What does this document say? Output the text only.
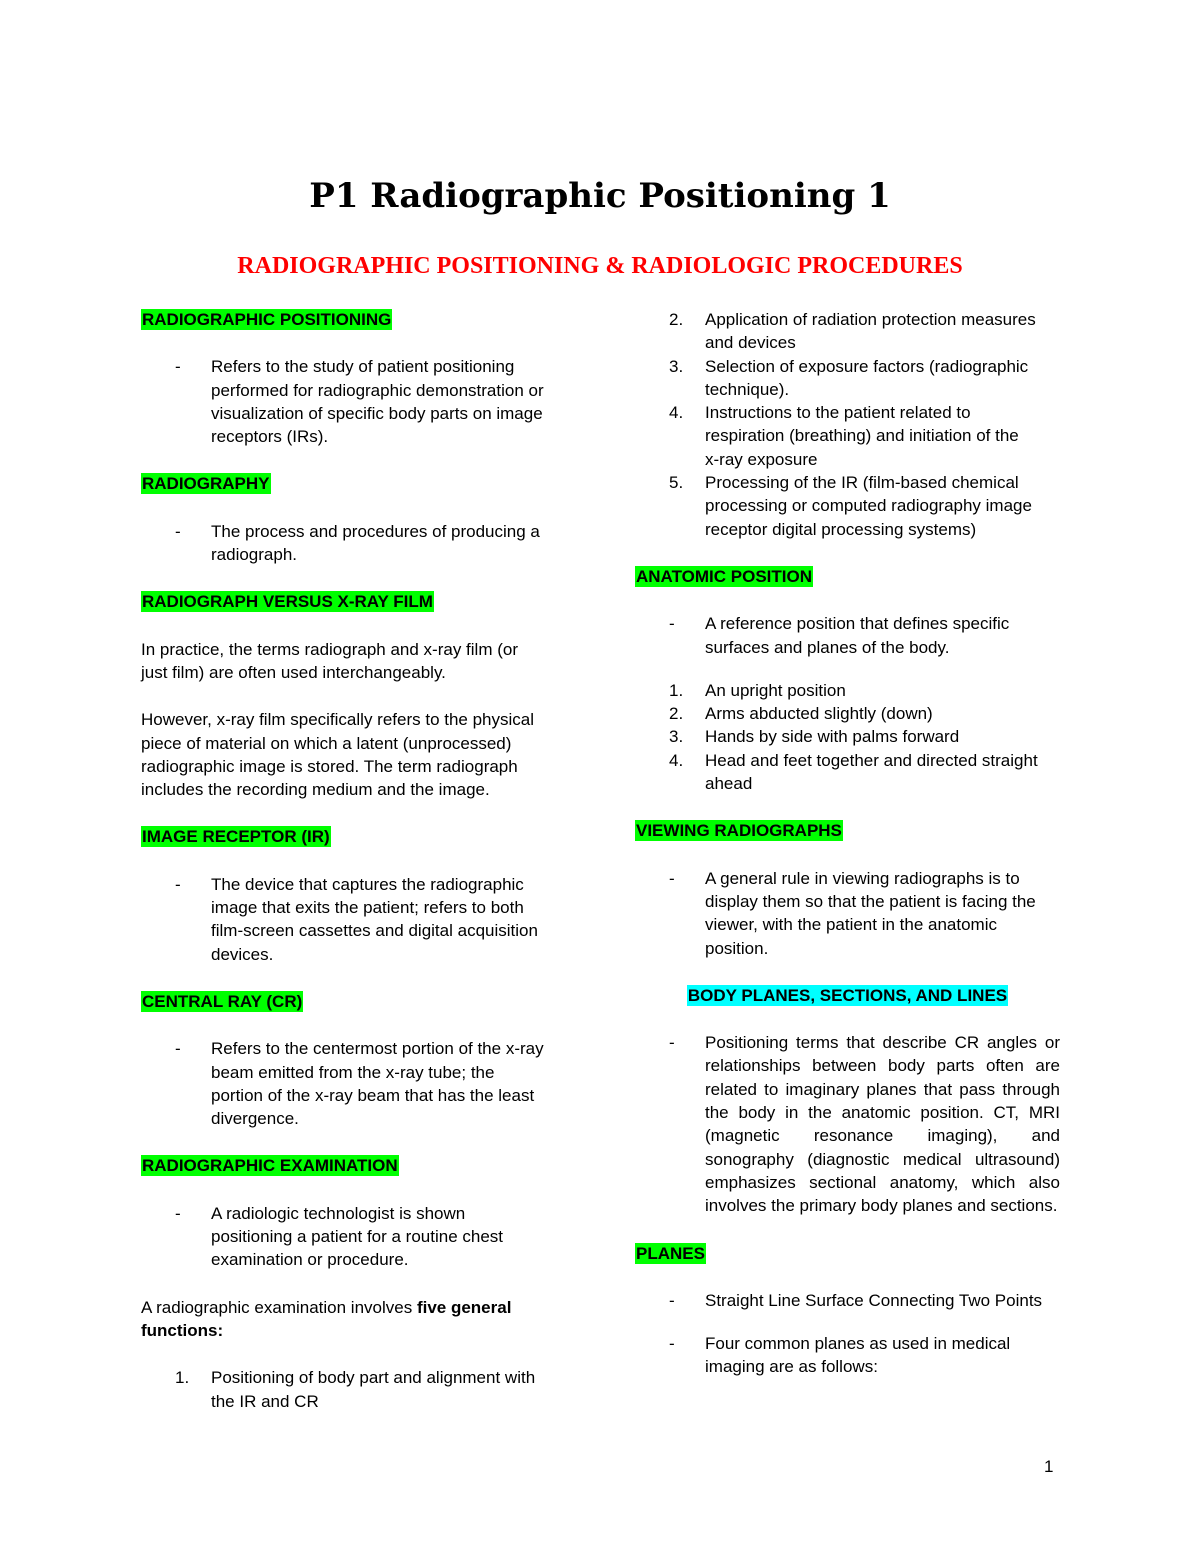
P1 Radiographic Positioning 1
RADIOGRAPHIC POSITIONING & RADIOLOGIC PROCEDURES

RADIOGRAPHIC POSITIONING

- Refers to the study of patient positioning
performed for radiographic demonstration or
visualization of specific body parts on image
receptors (IRs).

RADIOGRAPHY

- The process and procedures of producing a
radiograph.

RADIOGRAPH VERSUS X-RAY FILM

In practice, the terms radiograph and x-ray film (or
just film) are often used interchangeably.

However, x-ray film specifically refers to the physical
piece of material on which a latent (unprocessed)
radiographic image is stored. The term radiograph
includes the recording medium and the image.

IMAGE RECEPTOR (IR)

- The device that captures the radiographic
image that exits the patient; refers to both
film-screen cassettes and digital acquisition
devices.

CENTRAL RAY (CR)

- Refers to the centermost portion of the x-ray
beam emitted from the x-ray tube; the
portion of the x-ray beam that has the least
divergence.

RADIOGRAPHIC EXAMINATION

- A radiologic technologist is shown
positioning a patient for a routine chest
examination or procedure.

A radiographic examination involves five general
functions:

1. Positioning of body part and alignment with
the IR and CR
2. Application of radiation protection measures
and devices
3. Selection of exposure factors (radiographic
technique).
4. Instructions to the patient related to
respiration (breathing) and initiation of the
x-ray exposure
5. Processing of the IR (film-based chemical
processing or computed radiography image
receptor digital processing systems)

ANATOMIC POSITION

- A reference position that defines specific
surfaces and planes of the body.
1. An upright position
2. Arms abducted slightly (down)
3. Hands by side with palms forward
4. Head and feet together and directed straight
ahead

VIEWING RADIOGRAPHS

- A general rule in viewing radiographs is to
display them so that the patient is facing the
viewer, with the patient in the anatomic
position.

BODY PLANES, SECTIONS, AND LINES

- Positioning terms that describe CR angles or relationships between body parts often are related to imaginary planes that pass through the body in the anatomic position. CT, MRI (magnetic resonance imaging), and sonography (diagnostic medical ultrasound) emphasizes sectional anatomy, which also involves the primary body planes and sections.

PLANES

- Straight Line Surface Connecting Two Points
- Four common planes as used in medical
imaging are as follows:
1
